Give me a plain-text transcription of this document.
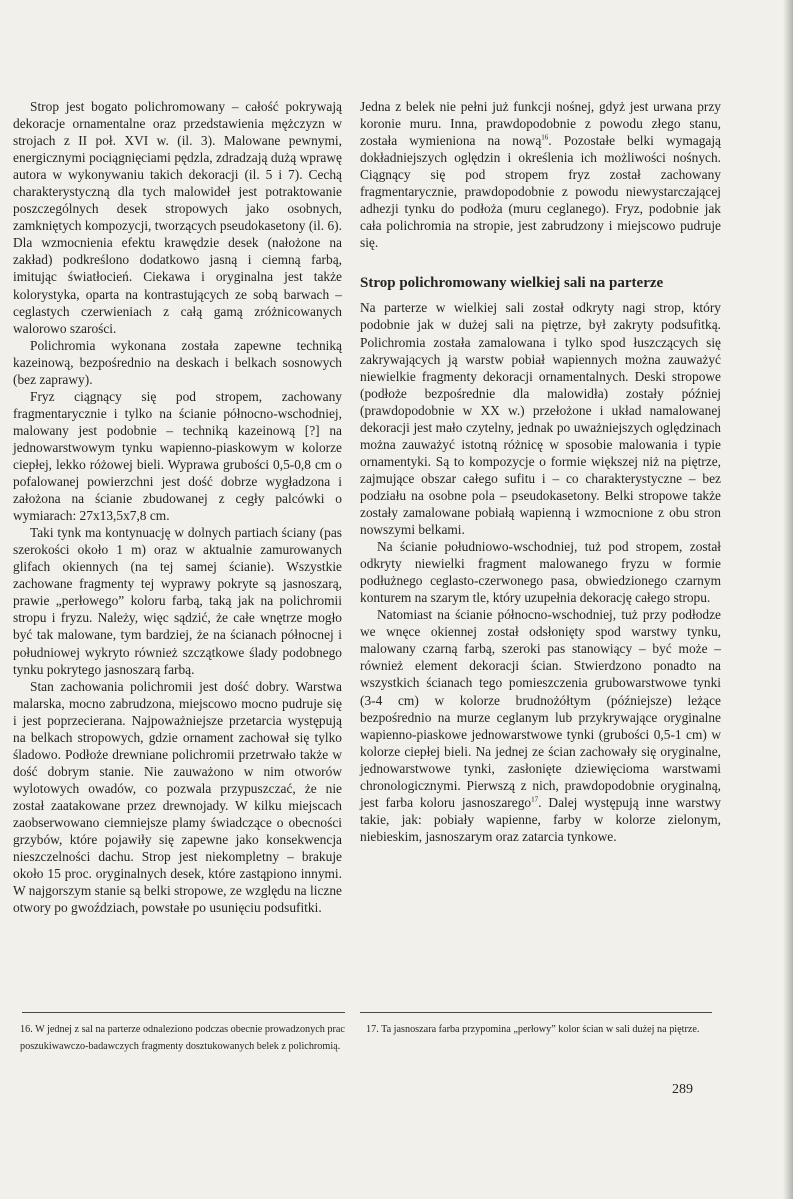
Strop jest bogato polichromowany – całość pokrywają dekoracje ornamentalne oraz przedstawienia mężczyzn w strojach z II poł. XVI w. (il. 3). Malowane pewnymi, energicznymi pociągnięciami pędzla, zdradzają dużą wprawę autora w wykonywaniu takich dekoracji (il. 5 i 7). Cechą charakterystyczną dla tych malowideł jest potraktowanie poszczególnych desek stropowych jako osobnych, zamkniętych kompozycji, tworzących pseudokasetony (il. 6). Dla wzmocnienia efektu krawędzie desek (nałożone na zakład) podkreślono dodatkowo jasną i ciemną farbą, imitując światłocień. Ciekawa i oryginalna jest także kolorystyka, oparta na kontrastujących ze sobą barwach – ceglastych czerwieniach z całą gamą zróżnicowanych walorowo szarości.

Polichromia wykonana została zapewne techniką kazeinową, bezpośrednio na deskach i belkach sosnowych (bez zaprawy).

Fryz ciągnący się pod stropem, zachowany fragmentarycznie i tylko na ścianie północno-wschodniej, malowany jest podobnie – techniką kazeinową [?] na jednowarstwowym tynku wapienno-piaskowym w kolorze ciepłej, lekko różowej bieli. Wyprawa grubości 0,5-0,8 cm o pofalowanej powierzchni jest dość dobrze wygładzona i założona na ścianie zbudowanej z cegły palcówki o wymiarach: 27x13,5x7,8 cm.

Taki tynk ma kontynuację w dolnych partiach ściany (pas szerokości około 1 m) oraz w aktualnie zamurowanych glifach okiennych (na tej samej ścianie). Wszystkie zachowane fragmenty tej wyprawy pokryte są jasnoszarą, prawie „perłowego” koloru farbą, taką jak na polichromii stropu i fryzu. Należy, więc sądzić, że całe wnętrze mogło być tak malowane, tym bardziej, że na ścianach północnej i południowej wykryto również szczątkowe ślady podobnego tynku pokrytego jasnoszarą farbą.

Stan zachowania polichromii jest dość dobry. Warstwa malarska, mocno zabrudzona, miejscowo mocno pudruje się i jest poprzecierana. Najpoważniejsze przetarcia występują na belkach stropowych, gdzie ornament zachował się tylko śladowo. Podłoże drewniane polichromii przetrwało także w dość dobrym stanie. Nie zauważono w nim otworów wylotowych owadów, co pozwala przypuszczać, że nie został zaatakowane przez drewnojady. W kilku miejscach zaobserwowano ciemniejsze plamy świadczące o obecności grzybów, które pojawiły się zapewne jako konsekwencja nieszczelności dachu. Strop jest niekompletny – brakuje około 15 proc. oryginalnych desek, które zastąpiono innymi. W najgorszym stanie są belki stropowe, ze względu na liczne otwory po gwoździach, powstałe po usunięciu podsufitki.

Jedna z belek nie pełni już funkcji nośnej, gdyż jest urwana przy koronie muru. Inna, prawdopodobnie z powodu złego stanu, została wymieniona na nową$^{16}$. Pozostałe belki wymagają dokładniejszych oględzin i określenia ich możliwości nośnych. Ciągnący się pod stropem fryz został zachowany fragmentarycznie, prawdopodobnie z powodu niewystarczającej adhezji tynku do podłoża (muru ceglanego). Fryz, podobnie jak cała polichromia na stropie, jest zabrudzony i miejscowo pudruje się.

Strop polichromowany wielkiej sali na parterze

Na parterze w wielkiej sali został odkryty nagi strop, który podobnie jak w dużej sali na piętrze, był zakryty podsufitką. Polichromia została zamalowana i tylko spod łuszczących się zakrywających ją warstw pobiał wapiennych można zauważyć niewielkie fragmenty dekoracji ornamentalnych. Deski stropowe (podłoże bezpośrednie dla malowidła) zostały później (prawdopodobnie w XX w.) przełożone i układ namalowanej dekoracji jest mało czytelny, jednak po uważniejszych oględzinach można zauważyć istotną różnicę w sposobie malowania i typie ornamentyki. Są to kompozycje o formie większej niż na piętrze, zajmujące obszar całego sufitu i – co charakterystyczne – bez podziału na osobne pola – pseudokasetony. Belki stropowe także zostały zamalowane pobiałą wapienną i wzmocnione z obu stron nowszymi belkami.

Na ścianie południowo-wschodniej, tuż pod stropem, został odkryty niewielki fragment malowanego fryzu w formie podłużnego ceglasto-czerwonego pasa, obwiedzionego czarnym konturem na szarym tle, który uzupełnia dekorację całego stropu.

Natomiast na ścianie północno-wschodniej, tuż przy podłodze we wnęce okiennej został odsłonięty spod warstwy tynku, malowany czarną farbą, szeroki pas stanowiący – być może – również element dekoracji ścian. Stwierdzono ponadto na wszystkich ścianach tego pomieszczenia grubowarstwowe tynki (3-4 cm) w kolorze brudnożółtym (późniejsze) leżące bezpośrednio na murze ceglanym lub przykrywające oryginalne wapienno-piaskowe jednowarstwowe tynki (grubości 0,5-1 cm) w kolorze ciepłej bieli. Na jednej ze ścian zachowały się oryginalne, jednowarstwowe tynki, zasłonięte dziewięcioma warstwami chronologicznymi. Pierwszą z nich, prawdopodobnie oryginalną, jest farba koloru jasnoszarego$^{17}$. Dalej występują inne warstwy takie, jak: pobiały wapienne, farby w kolorze zielonym, niebieskim, jasnoszarym oraz zatarcia tynkowe.

16. W jednej z sal na parterze odnaleziono podczas obecnie prowadzonych prac poszukiwawczo-badawczych fragmenty dosztukowanych belek z polichromią.
17. Ta jasnoszara farba przypomina „perłowy” kolor ścian w sali dużej na piętrze.
289
